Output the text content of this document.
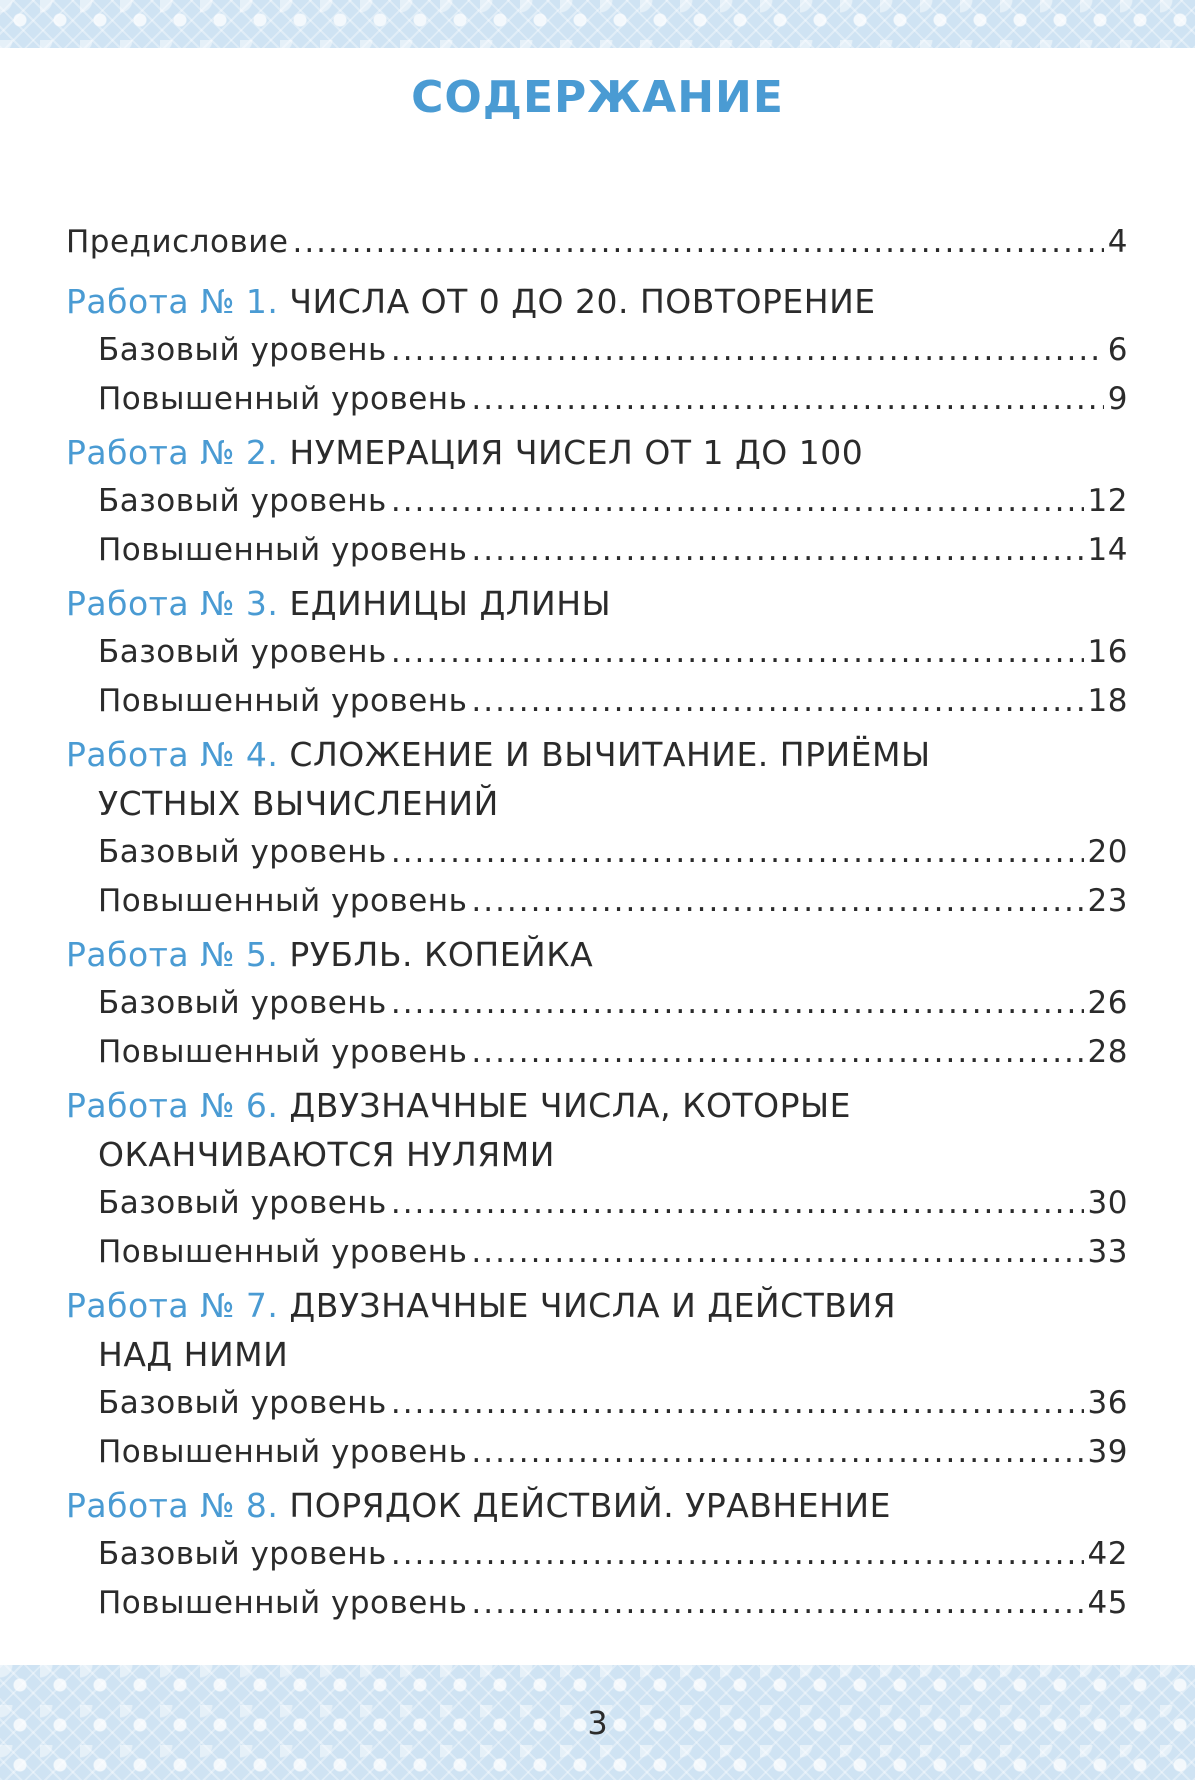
СОДЕРЖАНИЕ
Предисловие .....	4
Работа № 1. ЧИСЛА ОТ 0 ДО 20. ПОВТОРЕНИЕ
Базовый уровень .....	6
Повышенный уровень .....	9
Работа № 2. НУМЕРАЦИЯ ЧИСЕЛ ОТ 1 ДО 100
Базовый уровень .....	12
Повышенный уровень .....	14
Работа № 3. ЕДИНИЦЫ ДЛИНЫ
Базовый уровень .....	16
Повышенный уровень .....	18
Работа № 4. СЛОЖЕНИЕ И ВЫЧИТАНИЕ. ПРИЁМЫ
УСТНЫХ ВЫЧИСЛЕНИЙ
Базовый уровень .....	20
Повышенный уровень .....	23
Работа № 5. РУБЛЬ. КОПЕЙКА
Базовый уровень .....	26
Повышенный уровень .....	28
Работа № 6. ДВУЗНАЧНЫЕ ЧИСЛА, КОТОРЫЕ
ОКАНЧИВАЮТСЯ НУЛЯМИ
Базовый уровень .....	30
Повышенный уровень .....	33
Работа № 7. ДВУЗНАЧНЫЕ ЧИСЛА И ДЕЙСТВИЯ
НАД НИМИ
Базовый уровень .....	36
Повышенный уровень .....	39
Работа № 8. ПОРЯДОК ДЕЙСТВИЙ. УРАВНЕНИЕ
Базовый уровень .....	42
Повышенный уровень .....	45
3
